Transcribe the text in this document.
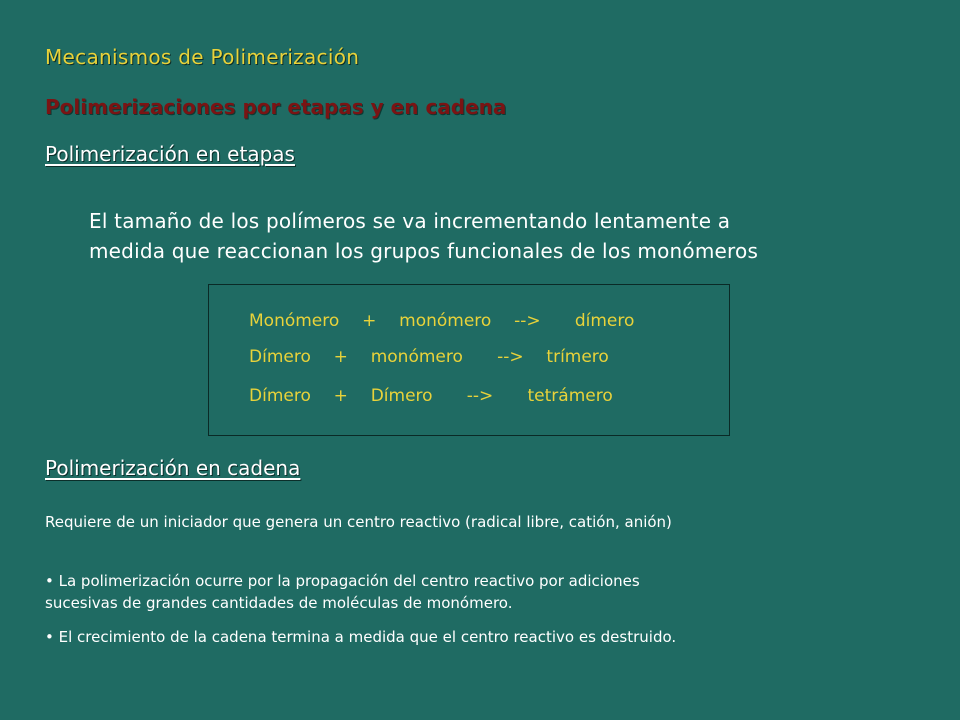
Mecanismos de Polimerización
Polimerizaciones por etapas y en cadena
Polimerización en etapas
El tamaño de los polímeros se va incrementando lentamente a
medida que reaccionan los grupos funcionales de los monómeros
Monómero  +  monómero  -->   dímero
Dímero  +  monómero   -->  trímero
Dímero  +  Dímero   -->   tetrámero
Polimerización en cadena
Requiere de un iniciador que genera un centro reactivo (radical libre, catión, anión)
• La polimerización ocurre por la propagación del centro reactivo por adiciones
sucesivas de grandes cantidades de moléculas de monómero.
• El crecimiento de la cadena termina a medida que el centro reactivo es destruido.
